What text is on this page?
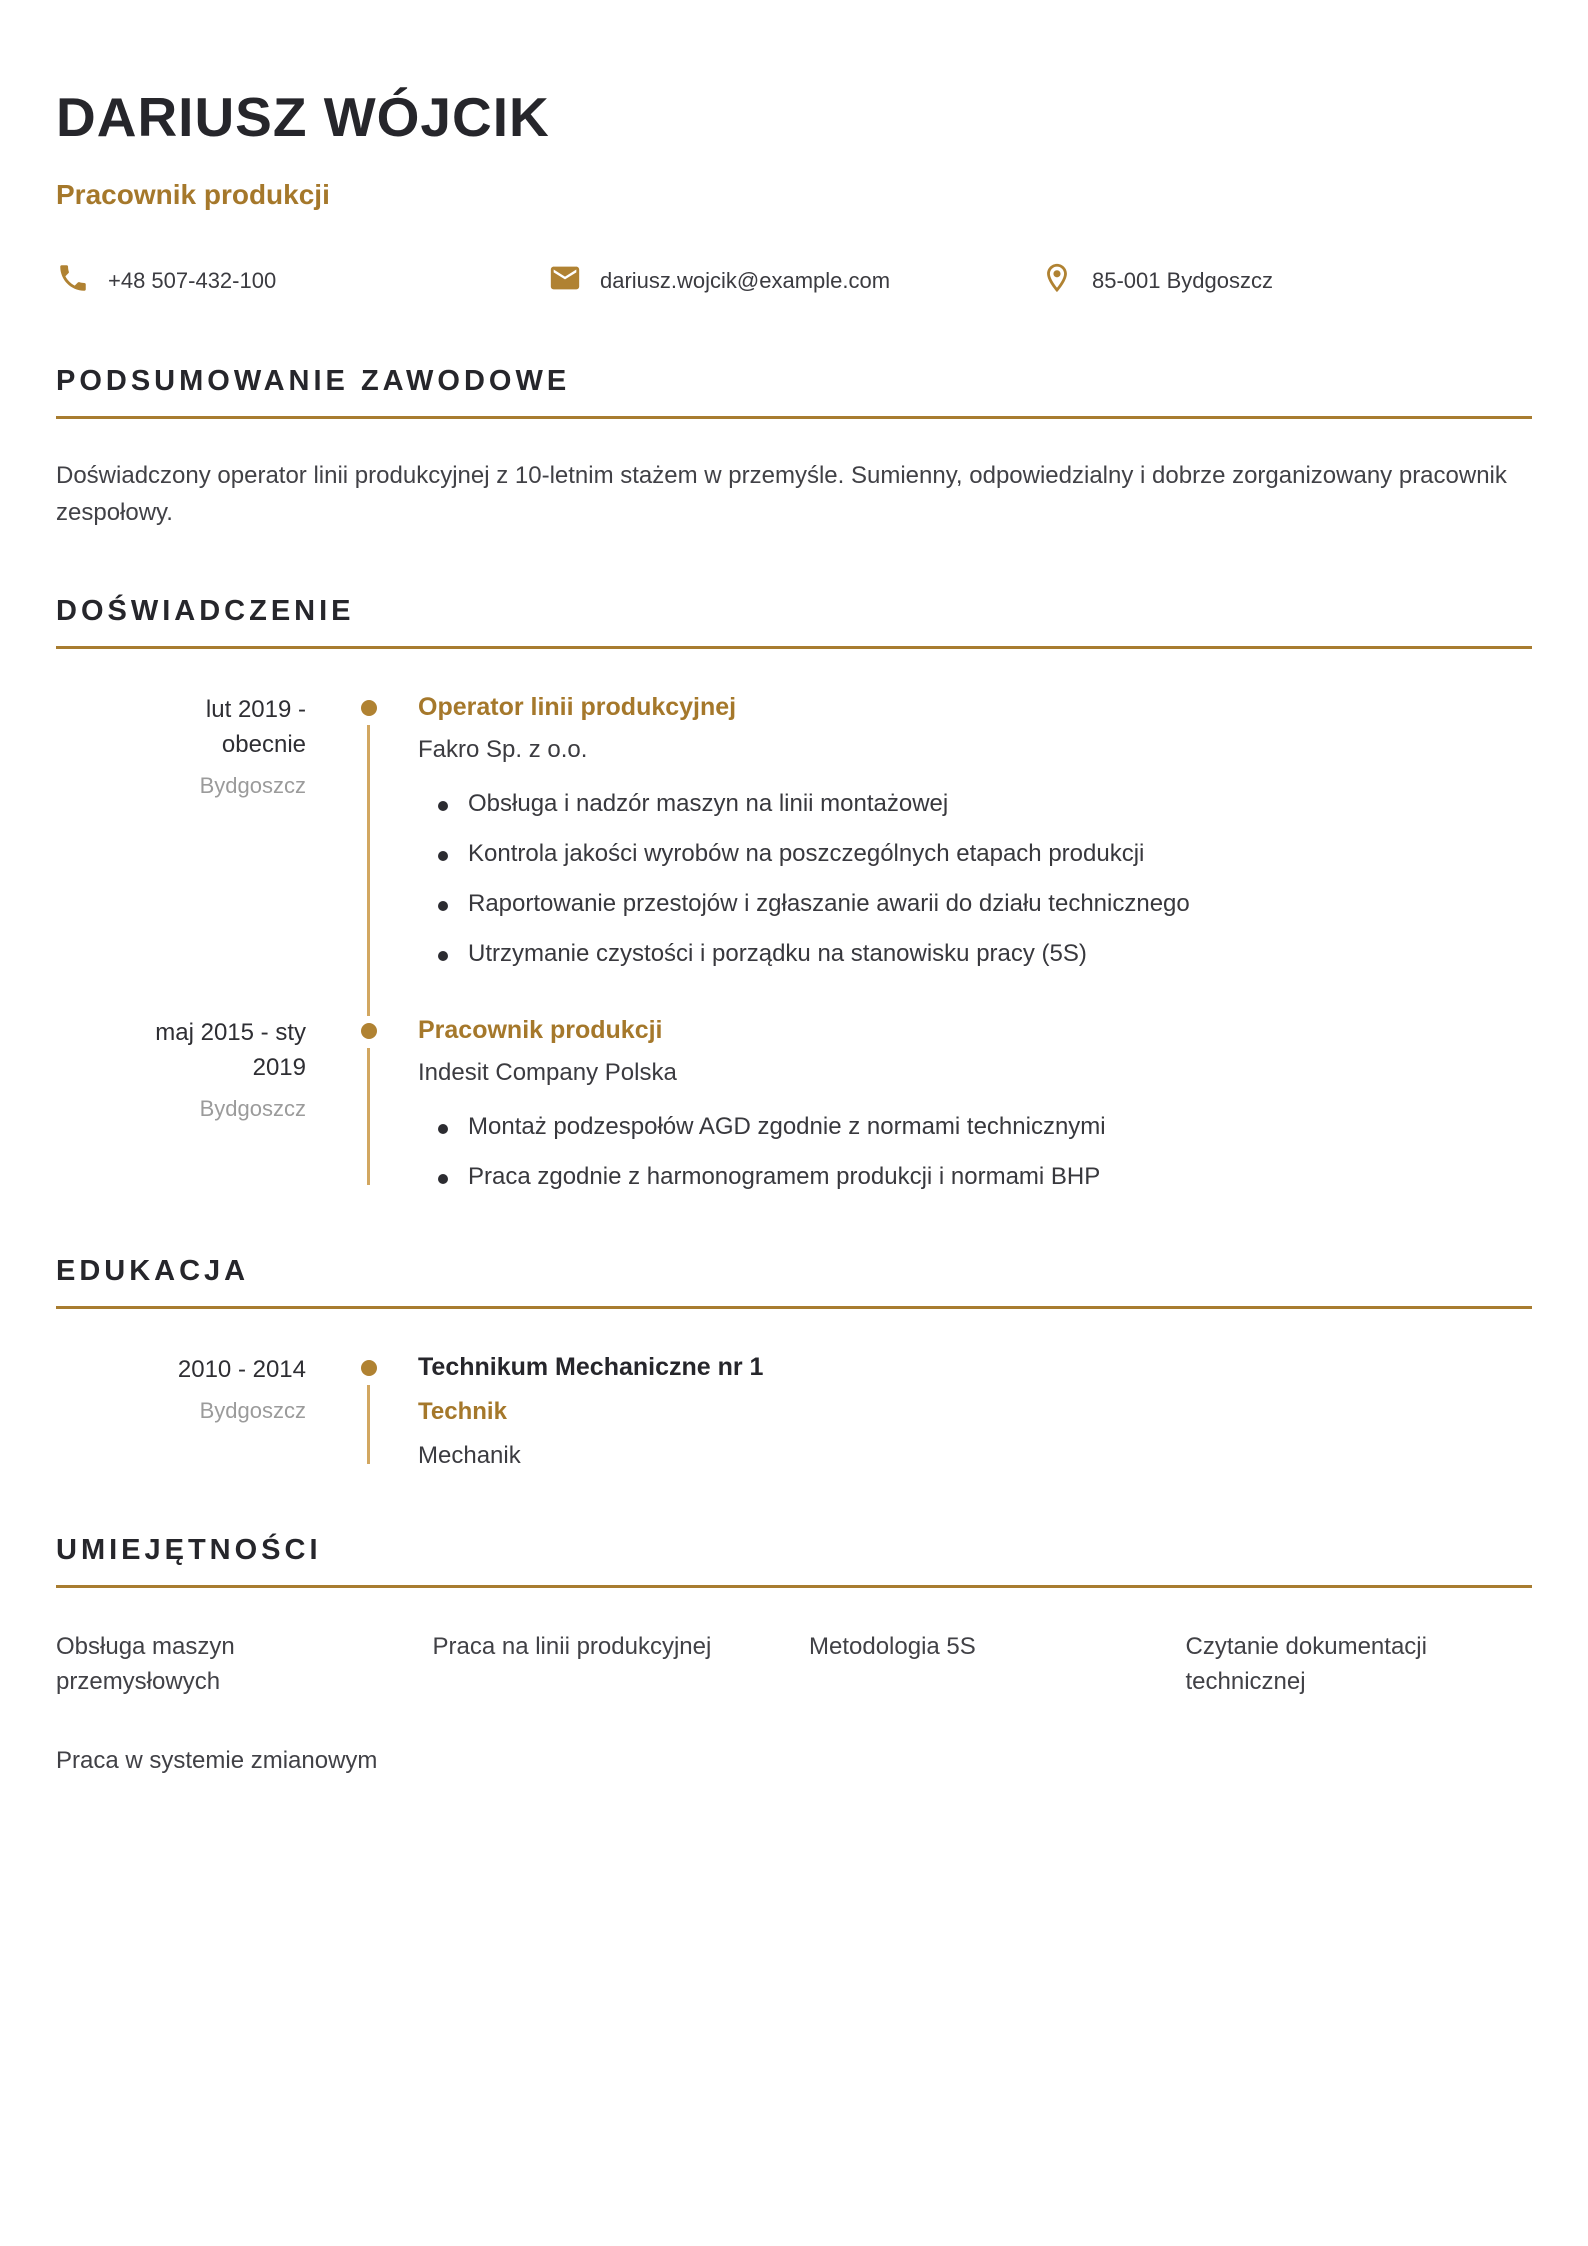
DARIUSZ WÓJCIK
Pracownik produkcji
+48 507-432-100	dariusz.wojcik@example.com	85-001 Bydgoszcz
PODSUMOWANIE ZAWODOWE

Doświadczony operator linii produkcyjnej z 10-letnim stażem w przemyśle. Sumienny, odpowiedzialny i dobrze zorganizowany pracownik zespołowy.

DOŚWIADCZENIE
lut 2019 - obecnie
Bydgoszcz
Operator linii produkcyjnej
Fakro Sp. z o.o.
Obsługa i nadzór maszyn na linii montażowej
Kontrola jakości wyrobów na poszczególnych etapach produkcji
Raportowanie przestojów i zgłaszanie awarii do działu technicznego
Utrzymanie czystości i porządku na stanowisku pracy (5S)
maj 2015 - sty 2019
Bydgoszcz
Pracownik produkcji
Indesit Company Polska
Montaż podzespołów AGD zgodnie z normami technicznymi
Praca zgodnie z harmonogramem produkcji i normami BHP
EDUKACJA
2010 - 2014
Bydgoszcz
Technikum Mechaniczne nr 1
Technik
Mechanik
UMIEJĘTNOŚCI
Obsługa maszyn przemysłowych
Praca na linii produkcyjnej	Metodologia 5S	Czytanie dokumentacji technicznej
Praca w systemie zmianowym
